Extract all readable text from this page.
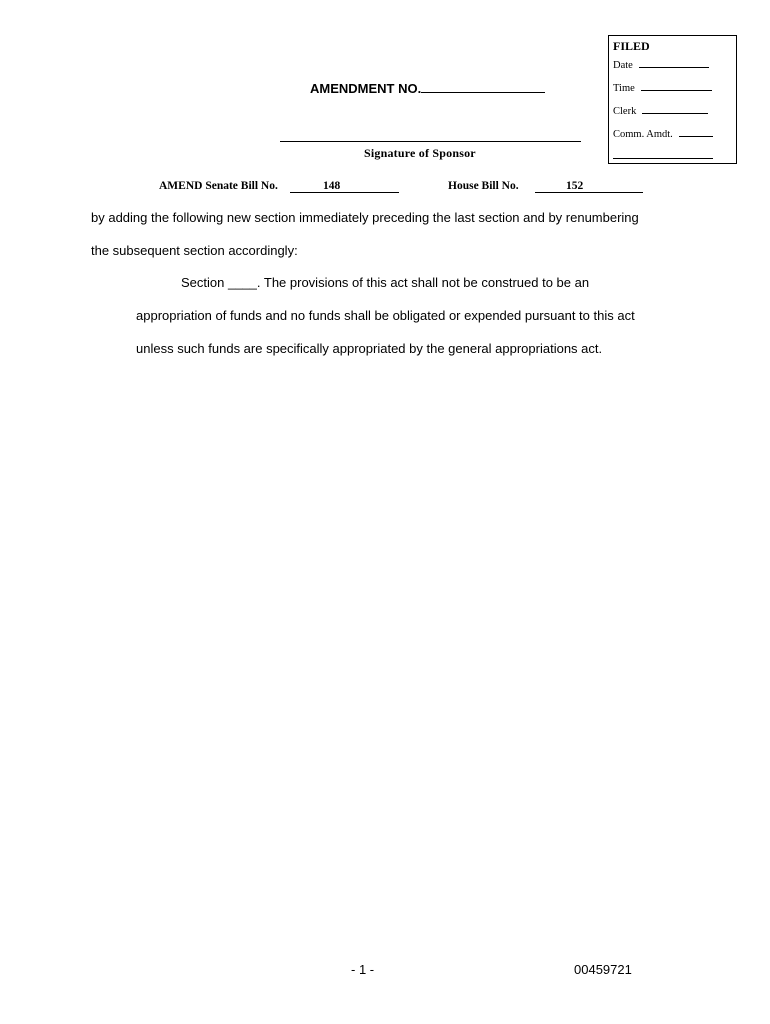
FILED
Date
Time
Clerk
Comm. Amdt.
AMENDMENT NO.
Signature of Sponsor
AMEND Senate Bill No.	148	House Bill No.	152
by adding the following new section immediately preceding the last section and by renumbering
the subsequent section accordingly:
Section ____. The provisions of this act shall not be construed to be an
appropriation of funds and no funds shall be obligated or expended pursuant to this act
unless such funds are specifically appropriated by the general appropriations act.
- 1 -	00459721
